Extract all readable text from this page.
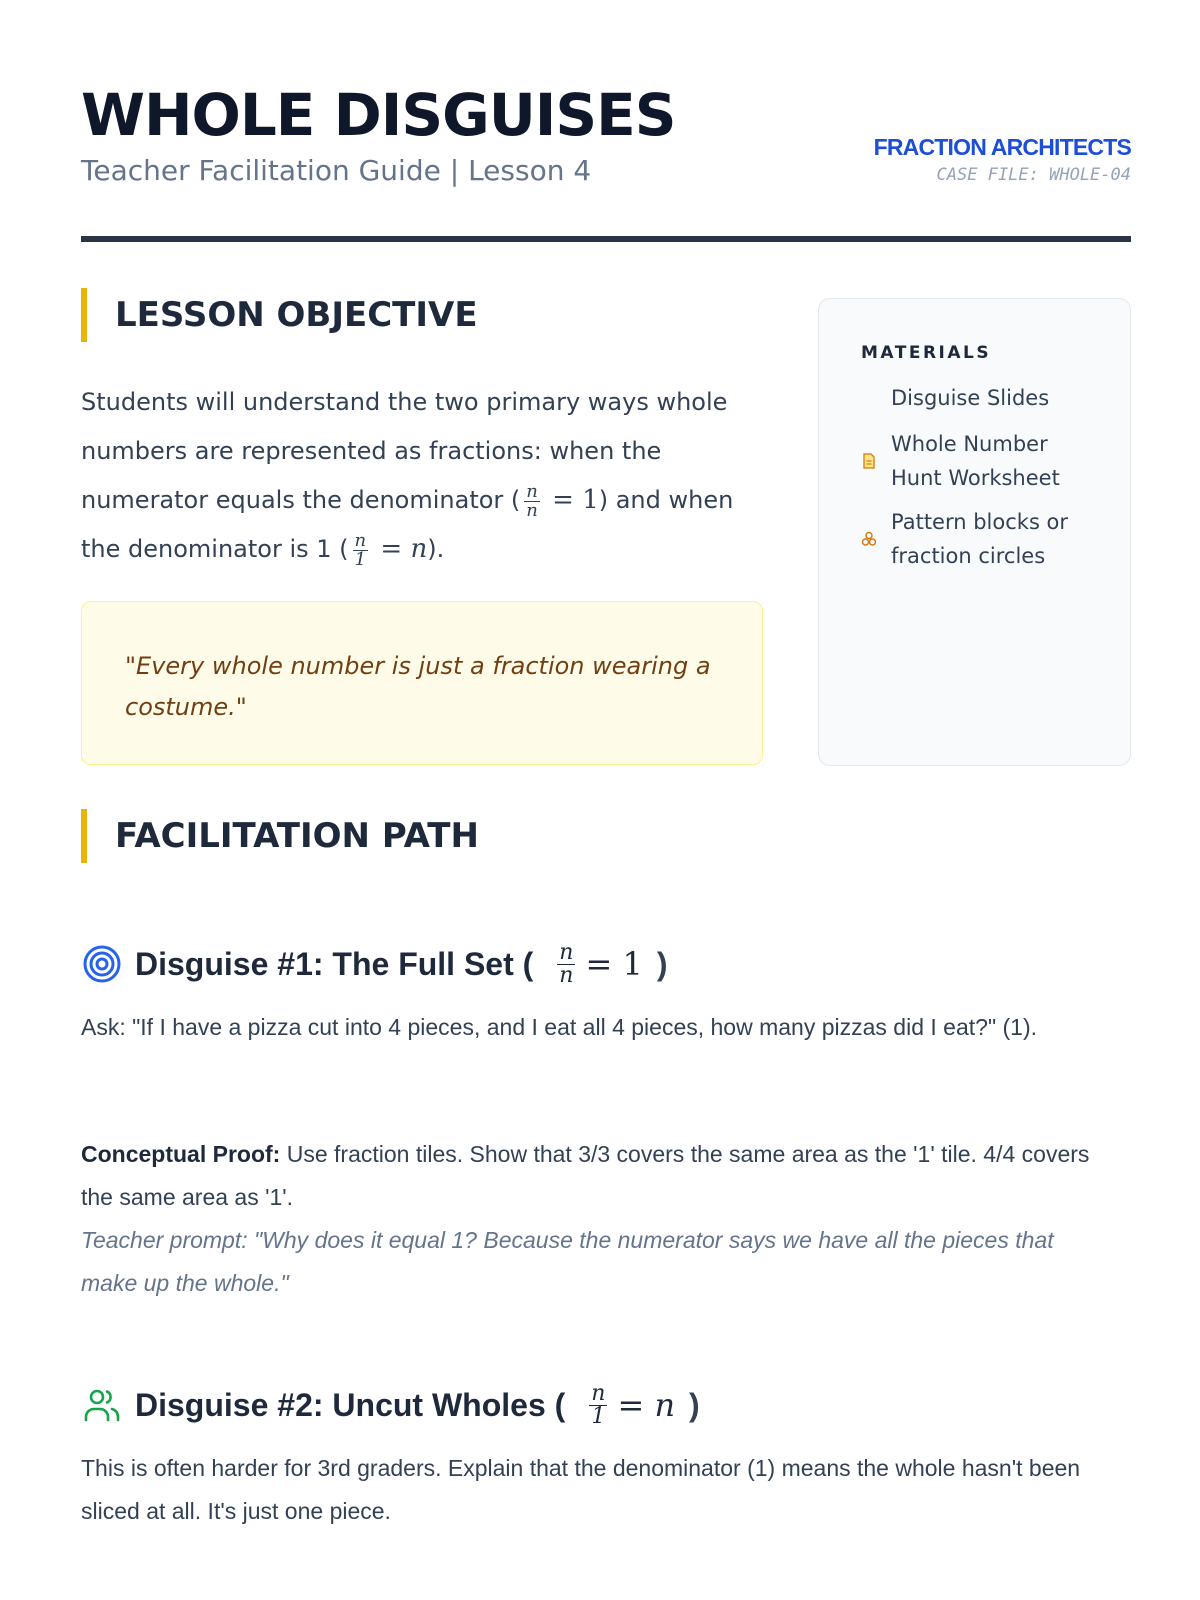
WHOLE DISGUISES
Teacher Facilitation Guide | Lesson 4
FRACTION ARCHITECTS
CASE FILE: WHOLE-04
LESSON OBJECTIVE
Students will understand the two primary ways whole numbers are represented as fractions: when the numerator equals the denominator ( $\frac{n}{n} = 1$) and when the denominator is 1 ( $\frac{n}{1} = n$).
"Every whole number is just a fraction wearing a costume."
MATERIALS
Disguise Slides
Whole Number Hunt Worksheet
Pattern blocks or fraction circles
FACILITATION PATH
Disguise #1: The Full Set ( $\frac{n}{n} = 1$ )
Ask: "If I have a pizza cut into 4 pieces, and I eat all 4 pieces, how many pizzas did I eat?" (1).
Conceptual Proof: Use fraction tiles. Show that 3/3 covers the same area as the '1' tile. 4/4 covers the same area as '1'.
Teacher prompt: "Why does it equal 1? Because the numerator says we have all the pieces that make up the whole."
Disguise #2: Uncut Wholes ( $\frac{n}{1} = n$ )
This is often harder for 3rd graders. Explain that the denominator (1) means the whole hasn't been sliced at all. It's just one piece.
